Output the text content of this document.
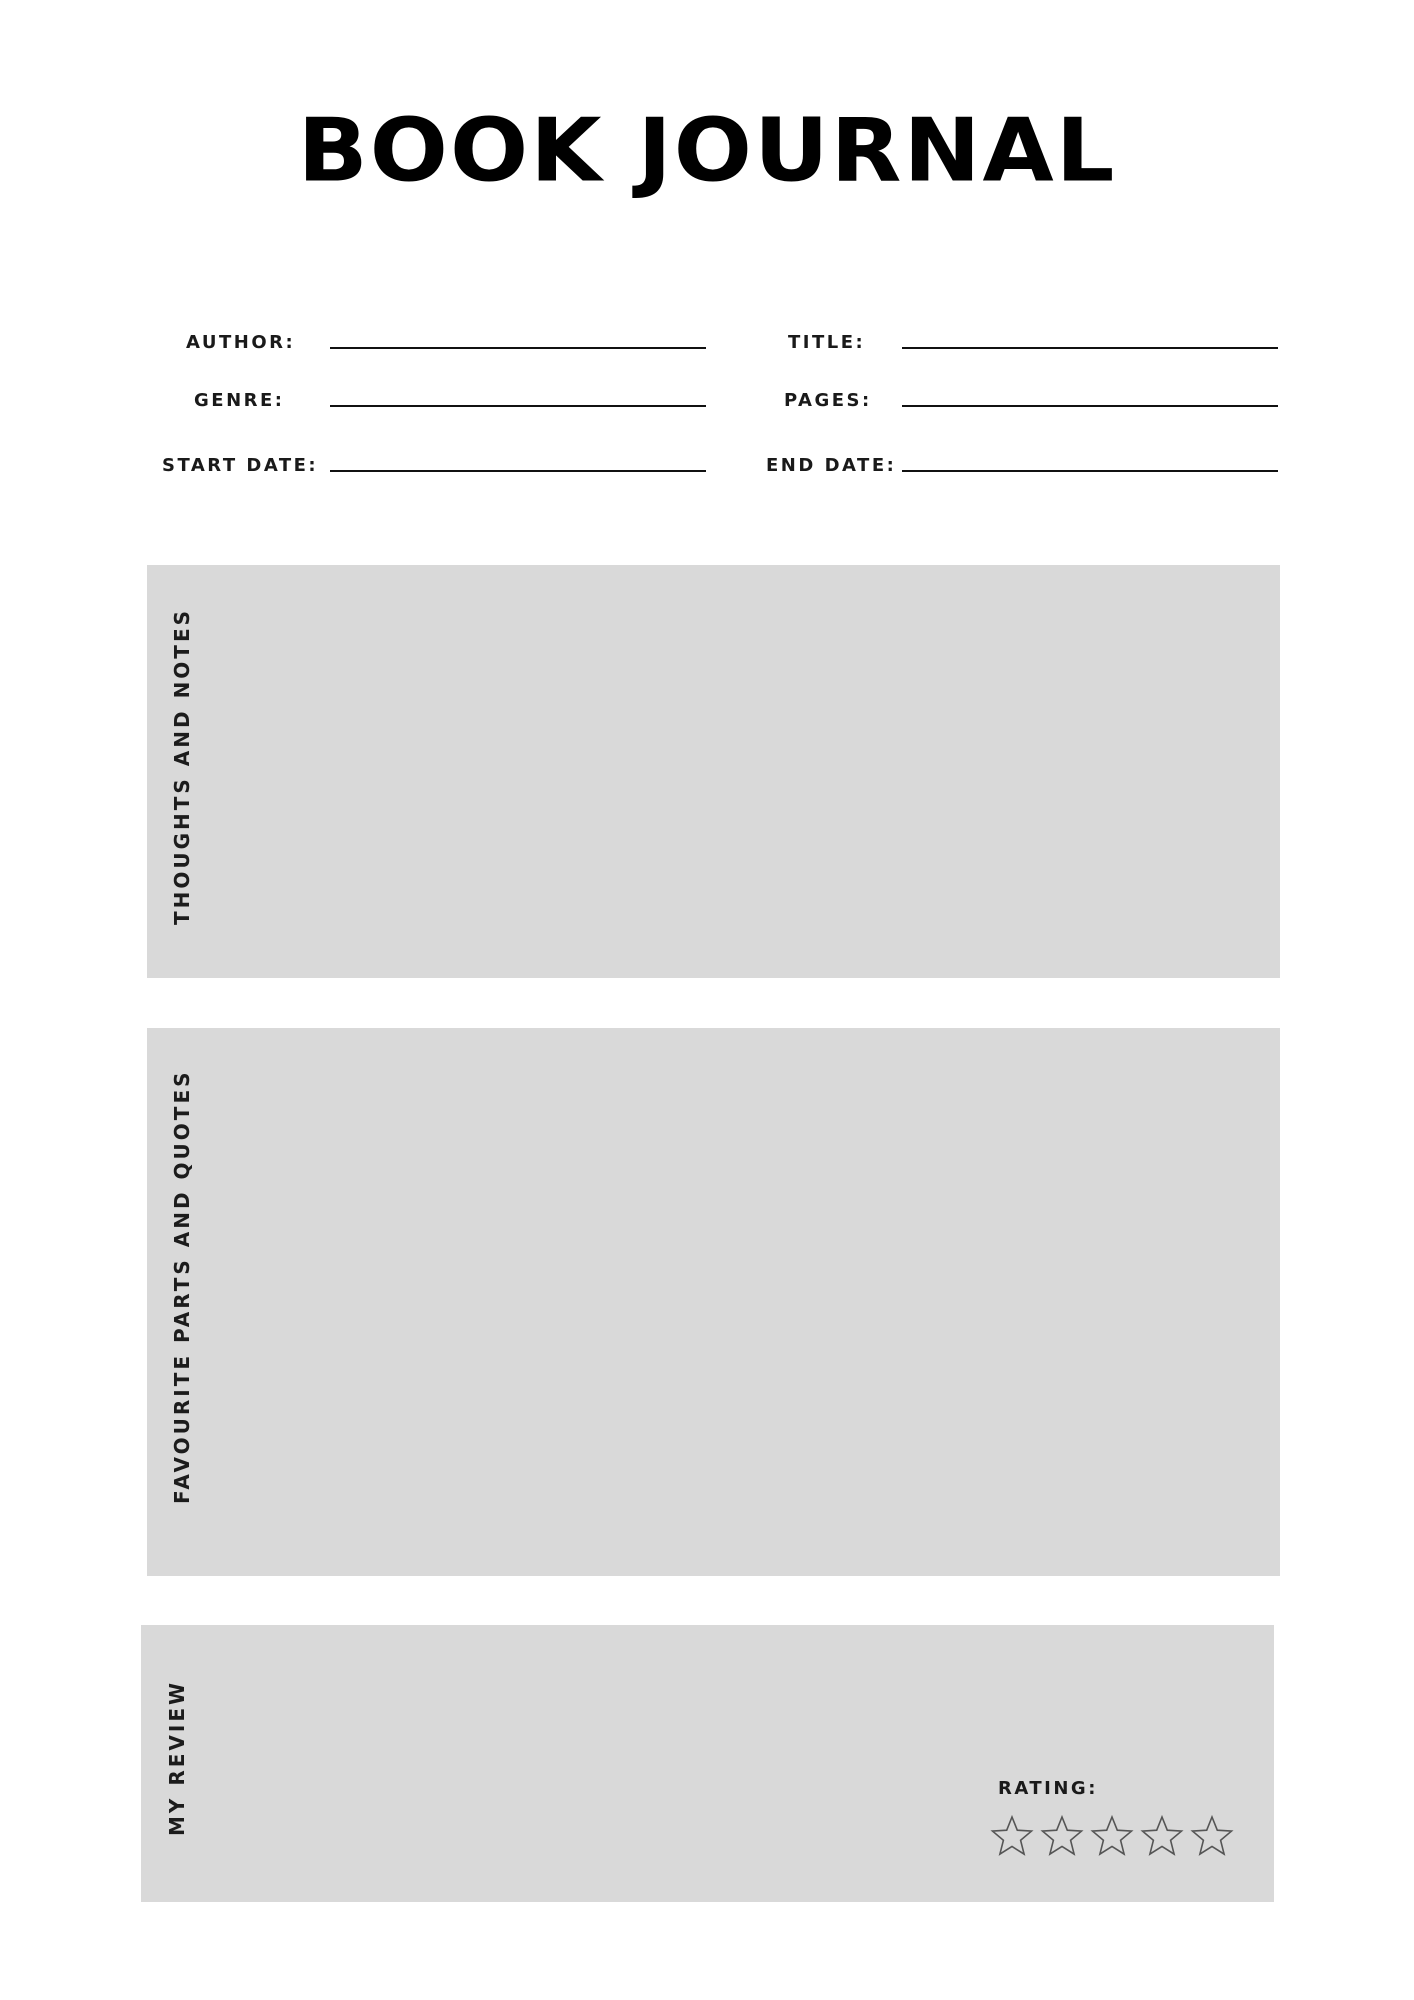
BOOK JOURNAL
AUTHOR:	TITLE:
GENRE:	PAGES:
START DATE:	END DATE:
THOUGHTS AND NOTES
FAVOURITE PARTS AND QUOTES
MY REVIEW	RATING:
